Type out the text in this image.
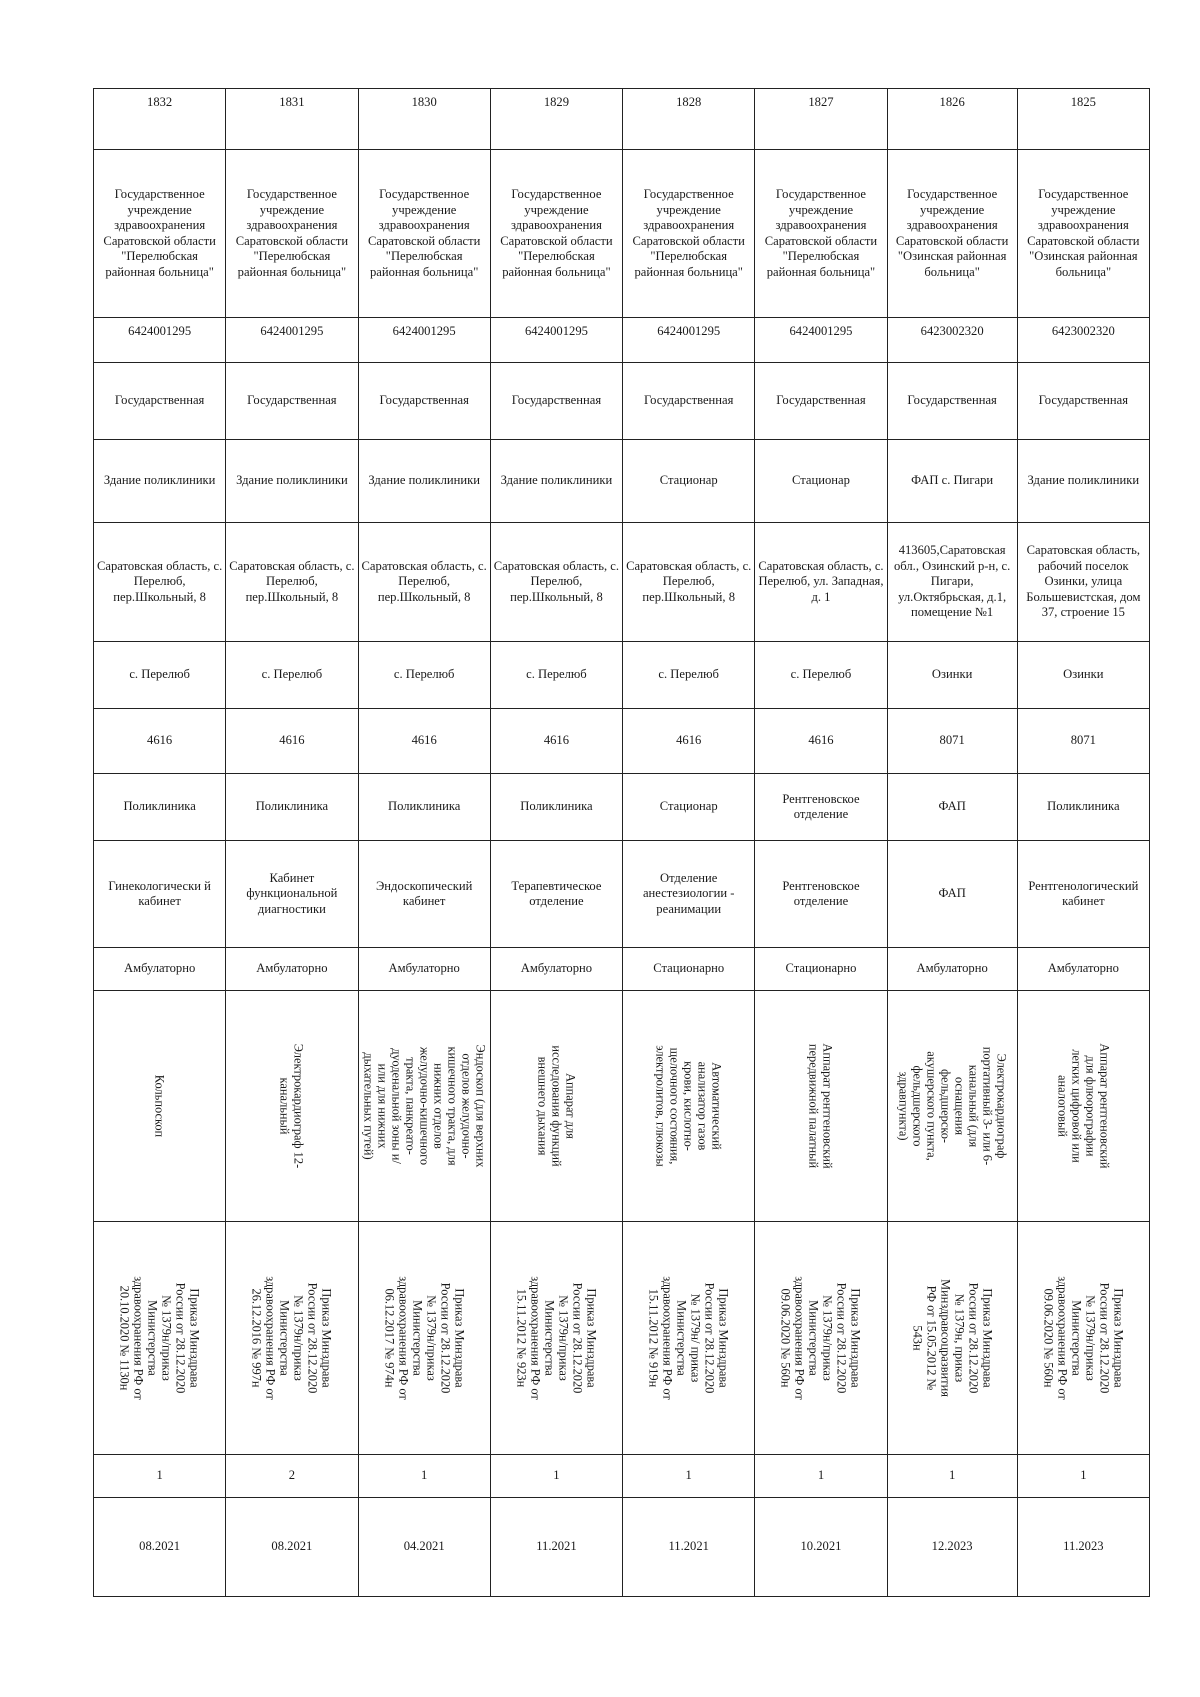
1832	1831	1830	1829	1828	1827	1826	1825
Государственное учреждение здравоохранения Саратовской области "Перелюбская районная больница"	Государственное учреждение здравоохранения Саратовской области "Перелюбская районная больница"	Государственное учреждение здравоохранения Саратовской области "Перелюбская районная больница"	Государственное учреждение здравоохранения Саратовской области "Перелюбская районная больница"	Государственное учреждение здравоохранения Саратовской области "Перелюбская районная больница"	Государственное учреждение здравоохранения Саратовской области "Перелюбская районная больница"	Государственное учреждение здравоохранения Саратовской области "Озинская районная больница"	Государственное учреждение здравоохранения Саратовской области "Озинская районная больница"
6424001295	6424001295	6424001295	6424001295	6424001295	6424001295	6423002320	6423002320
Государственная	Государственная	Государственная	Государственная	Государственная	Государственная	Государственная	Государственная
Здание поликлиники	Здание поликлиники	Здание поликлиники	Здание поликлиники	Стационар	Стационар	ФАП с. Пигари	Здание поликлиники
Саратовская область, с. Перелюб, пер.Школьный, 8	Саратовская область, с. Перелюб, пер.Школьный, 8	Саратовская область, с. Перелюб, пер.Школьный, 8	Саратовская область, с. Перелюб, пер.Школьный, 8	Саратовская область, с. Перелюб, пер.Школьный, 8	Саратовская область, с. Перелюб, ул. Западная, д. 1	413605,Саратовская обл., Озинский р-н, с. Пигари, ул.Октябрьская, д.1, помещение №1	Саратовская область, рабочий поселок Озинки, улица Большевистская, дом 37, строение 15
с. Перелюб	с. Перелюб	с. Перелюб	с. Перелюб	с. Перелюб	с. Перелюб	Озинки	Озинки
4616	4616	4616	4616	4616	4616	8071	8071
Поликлиника	Поликлиника	Поликлиника	Поликлиника	Стационар	Рентгеновское отделение	ФАП	Поликлиника
Гинекологически й кабинет	Кабинет функциональной диагностики	Эндоскопический кабинет	Терапевтическое отделение	Отделение анестезиологии - реанимации	Рентгеновское отделение	ФАП	Рентгенологический кабинет
Амбулаторно	Амбулаторно	Амбулаторно	Амбулаторно	Стационарно	Стационарно	Амбулаторно	Амбулаторно

Кольпоскоп	Электрокардиограф 12-канальный	Эндоскоп (для верхних отделов желудочно-кишечного тракта, для нижних отделов желудочно-кишечного тракта, панкреато-дуоденальной зоны и/или для нижних дыхательных путей)	Аппарат для исследования функций внешнего дыхания	Автоматический анализатор газов крови, кислотно-щелочного состояния, электролитов, глюкозы	Аппарат рентгеновский передвижной палатный	Электрокардиограф портативный 3- или 6-канальный (для оснащения фельдшерско-акушерского пункта, фельдшерского здравпункта)	Аппарат рентгеновский для флюорографии легких цифровой или аналоговый

Приказ Минздрава России от 28.12.2020 № 1379н/приказ Министерства здравоохранения РФ от 20.10.2020 № 1130н	Приказ Минздрава России от 28.12.2020 № 1379н/приказ Министерства здравоохранения РФ от 26.12.2016 № 997н	Приказ Минздрава России от 28.12.2020 № 1379н/приказ Министерства здравоохранения РФ от 06.12.2017 № 974н	Приказ Минздрава России от 28.12.2020 № 1379н/приказ Министерства здравоохранения РФ от 15.11.2012 № 923н	Приказ Минздрава России от 28.12.2020 № 1379н/ приказ Министерства здравоохранения РФ от 15.11.2012 № 919н	Приказ Минздрава России от 28.12.2020 № 1379н/приказ Министерства здравоохранения РФ от 09.06.2020 № 560н	Приказ Минздрава России от 28.12.2020 № 1379н, приказ Минздравсоцразвития РФ от 15.05.2012 № 543н	Приказ Минздрава России от 28.12.2020 № 1379н/приказ Министерства здравоохранения РФ от 09.06.2020 № 560н

1	2	1	1	1	1	1	1
08.2021	08.2021	04.2021	11.2021	11.2021	10.2021	12.2023	11.2023
